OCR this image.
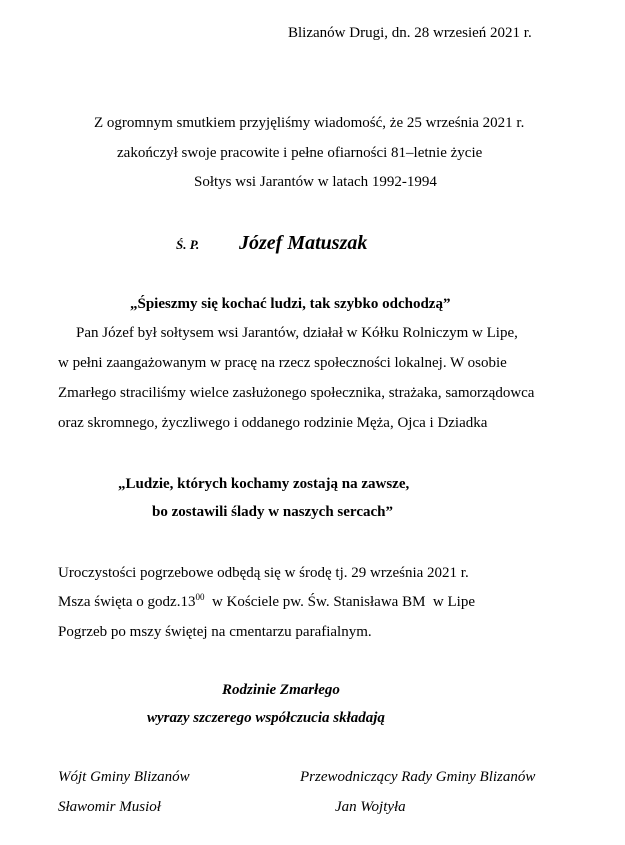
Blizanów Drugi, dn. 28 wrzesień 2021 r.
Z ogromnym smutkiem przyjęliśmy wiadomość, że 25 września 2021 r.
zakończył swoje pracowite i pełne ofiarności 81–letnie życie
Sołtys wsi Jarantów w latach 1992-1994
Ś. P. Józef Matuszak
„Śpieszmy się kochać ludzi, tak szybko odchodzą”
Pan Józef był sołtysem wsi Jarantów, działał w Kółku Rolniczym w Lipe,
w pełni zaangażowanym w pracę na rzecz społeczności lokalnej. W osobie
Zmarłego straciliśmy wielce zasłużonego społecznika, strażaka, samorządowca
oraz skromnego, życzliwego i oddanego rodzinie Męża, Ojca i Dziadka
„Ludzie, których kochamy zostają na zawsze,
bo zostawili ślady w naszych sercach”
Uroczystości pogrzebowe odbędą się w środę tj. 29 września 2021 r.
Msza święta o $godz.13^{00}$  w Kościele pw. Św. Stanisława BM  w Lipe
Pogrzeb po mszy świętej na cmentarzu parafialnym.
Rodzinie Zmarłego
wyrazy szczerego współczucia składają
Wójt Gminy Blizanów
Sławomir Musioł
Przewodniczący Rady Gminy Blizanów
Jan Wojtyła
